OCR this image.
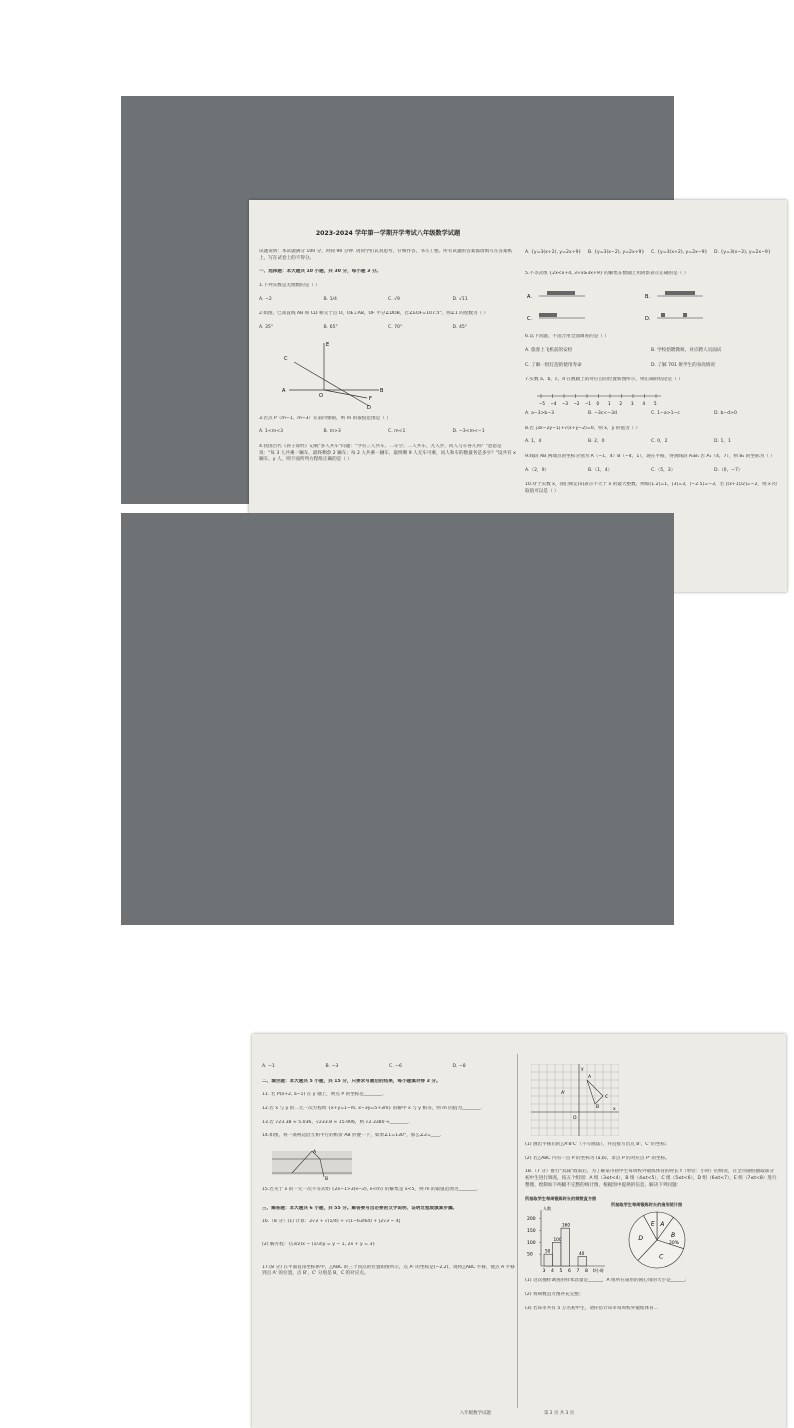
2023-2024 学年第一学期开学考试八年级数学试题
试题说明：本试题满分 100 分，时间 90 分钟. 请同学们认真思考，仔细作答，书写工整。所有试题的答案都请填写在答案纸上，写在试卷上的不得分。
一、选择题：本大题共 10 小题，共 30 分，每小题 3 分。
1.下列实数是无理数的是（ ）
A. −2	B. 1/4	C. √9	D. √11
2.如图，已知直线 AB 和 CD 相交于点 O，OE⊥AB，OF 平分∠DOB，若∠EOF=107.5°，则∠1 的度数为（ ）
A. 35°	B. 65°	C. 70°	D. 45°
C
A	B
E
F
D
O
3.若点 P（m−1，m−3）在第四象限，则 m 的取值范围是（ ）
A. 1<m<3	B. m>3	C. m<1	D. −3<m<−1
4.我国古代《孙子算经》记载"多人共车"问题："今有三人共车，二车空；二人共车，九人步，问人与车各几何？"意思是说："每 3 人共乘一辆车，最终剩余 2 辆车；每 2 人共乘一辆车，最终剩 9 人无车可乘，问人和车的数量各是多少？"设共有 x 辆车，y 人，则下面所列方程组正确的是（ ）
A. {y=3(x+2), y=2x+9}	B. {y=3(x−2), y=2x+9}	C. {y=3(x+2), y=2x−9}	D. {y=3(x−2), y=2x−9}
5.不等式组 {2x<x+4, 3+x≥3x+9} 的解集在数轴上用阴影表示正确的是（ ）
A.	B.
C.	D.
6.以下问题，不适合用全面调查的是（ ）
A. 旅客上飞机前的安检	B. 学校招聘教师，对应聘人员面试
C. 了解一批灯泡的使用寿命	D. 了解 701 班学生的身高情况
7.实数 a，b，c，d 在数轴上的对应点的位置如图所示，则正确的结论是（ ）
−5 −4 −3 −2 −1 0 1 2 3 4 5
A. a−3>b−3	B. −3c<−3d	C. 1−a>1−c	D. b−d>0
8.若 |3x−2y−1|+√(x+y−2)=0，则 x，y 的值为（ ）
A. 1，4	B. 2，0	C. 0，2	D. 1，1
9.线段 AB 两端点的坐标分别为 A（−1，4）B（−4，1），现在平移，得到线段 A₁B₁ 若 A₁（4，7），则 B₁ 的坐标为（ ）
A.（2，9）	B.（1，4）	C.（5，3）	D.（0，−7）
10.对于实数 x，我们规定[x]表示不大于 x 的最大整数，例如[1.2]=1，[3]=3，[−2.5]=−3，若 [(x+1)/2]=−2，则 x 的取值可以是（ ）
A. −1	B. −3	C. −6	D. −8
二、填空题：本大题共 5 小题，共 15 分，只要求写最后的结果，每小题填对得 3 分。
11. 若 P(a+2, a−1) 在 y 轴上，则点 P 的坐标是________.
12.若 x 与 y 的二元一次方程组 {x+y=1−m, x−3y=5+3m} 的解中 x 与 y 相等，则 m 的值为________.
13.若 √23.38 ≈ 5.036，√233.8 ≈ 15.906，则 √2.3380 ≈________.
14.如图，将一条两边沿互相平行的纸带 AB 折叠一下，如果∠1=130°，那么∠2=____.
A
B
15.若关于 x 的一元一次不等式组 {2x−1>3(x−2), x<m} 的解集是 x<5，则 m 的取值范围为________.
三、解答题：本大题共 6 小题，共 55 分。解答要写出必要的文字说明、证明过程或演算步骤。
16.（8 分）(1) 计算：2√3 + √(1/4) + √(1−63/64) + |2√3 − 4|
(2) 解方程：{(3/2)x − (1/3)y = y − 1, 2x + y = 3}
17.(8 分) 在平面直角坐标系中，△ABC 的三个顶点的位置如图所示，点 A' 的坐标是(−2,2)，现将△ABC 平移，使点 A 平移到点 A' 的位置，点 B'，C' 分别是 B，C 的对应点。
A
B
C
A'
O
x
y
(1) 画出平移后的△A'B'C'（不写画法），并直接写出点 B'，C' 的坐标；
(2) 若△ABC 内有一点 P 的坐标为 (a,b)，求点 P 的对应点 P' 的坐标。
18.（7 分）推行"双减"政策后，为了解某市初中生每周校外锻炼体育的时长 t（单位：小时）的情况，在全市随机抽取部分初中生进行调查，按五个组别：A 组（3≤t<4），B 组（4≤t<5），C 组（5≤t<6），D 组（6≤t<7），E 组（7≤t<8）进行整理，绘制如下两幅不完整的统计图，根据图中提供的信息，解决下列问题：
所抽取学生每周锻炼时长的频数直方图
所抽取学生每周锻炼时长的扇形统计图
50
100
150
200
3 4 5 6 7 8 t/小时
人数
50
100
160
40
A
B
20%
C
D
E
(1) 这次抽样调查的样本容量是______，A 组所在扇形的圆心角的大小是______；
(2) 将频数直方图补充完整；
(3) 若该市共有 5 万名初中生，请你估计该市每周校外锻炼体育…
八年级数学试题	第 2 页 共 3 页
